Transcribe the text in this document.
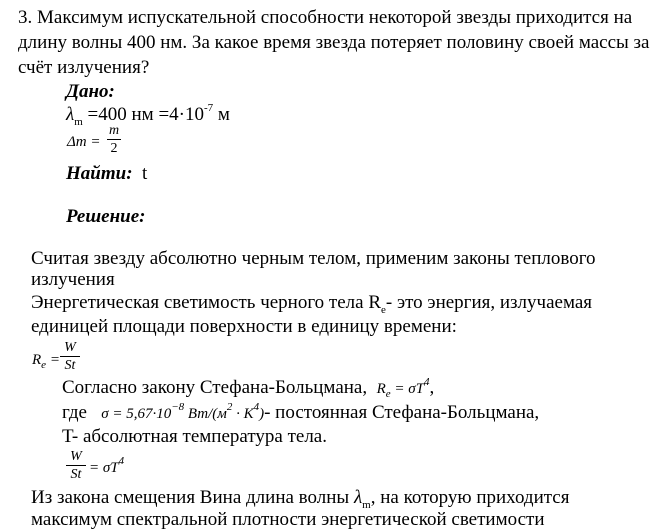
3. Максимум испускательной способности некоторой звезды приходится на
длину волны 400 нм. За какое время звезда потеряет половину своей массы за
счёт излучения?
Дано:
$\lambda_m =400$ нм $=4\cdot 10^{-7}$ м
Δm =
m
2
Найти: t
Решение:
Считая звезду абсолютно черным телом, применим законы теплового
излучения
Энергетическая светимость черного тела $R_e-$ это энергия, излучаемая
единицей площади поверхности в единицу времени:
$R_e$ =
W
St
Согласно закону Стефана-Больцмана, $R_e = \sigma T^4$,
где $\sigma = 5,67\cdot 10^{-8}$ $Вт/(м^2 \cdot K^4)-$ постоянная Стефана-Больцмана,
T- абсолютная температура тела.
W
$St = \sigma T^4$
Из закона смещения Вина длина волны $\lambda_m$, на которую приходится
максимум спектральной плотности энергетической светимости
